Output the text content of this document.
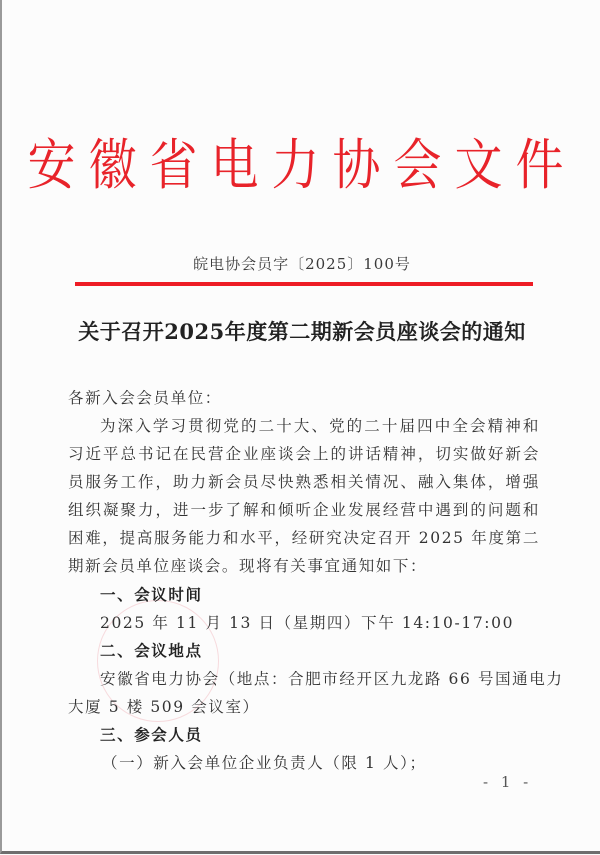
安徽省电力协会文件
皖电协会员字〔2025〕100号
关于召开2025年度第二期新会员座谈会的通知
各新入会会员单位：
为深入学习贯彻党的二十大、党的二十届四中全会精神和习近平总书记在民营企业座谈会上的讲话精神，切实做好新会员服务工作，助力新会员尽快熟悉相关情况、融入集体，增强组织凝聚力，进一步了解和倾听企业发展经营中遇到的问题和困难，提高服务能力和水平，经研究决定召开 2025 年度第二期新会员单位座谈会。现将有关事宜通知如下：
一、会议时间
2025 年 11 月 13 日（星期四）下午 14:10-17:00
二、会议地点
安徽省电力协会（地点：合肥市经开区九龙路 66 号国通电力
大厦 5 楼 509 会议室）
三、参会人员
（一）新入会单位企业负责人（限 1 人）；
- 1 -
